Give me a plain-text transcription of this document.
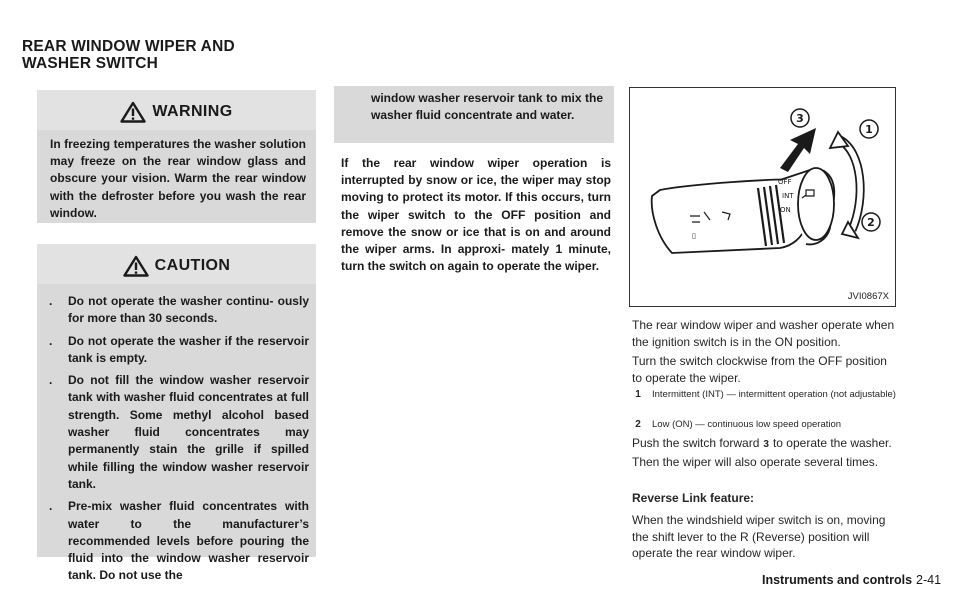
REAR WINDOW WIPER AND
WASHER SWITCH
WARNING
In freezing temperatures the washer solution may freeze on the rear window glass and obscure your vision. Warm the rear window with the defroster before you wash the rear window.
CAUTION
. Do not operate the washer continu- ously for more than 30 seconds.
. Do not operate the washer if the reservoir tank is empty.
. Do not fill the window washer reservoir tank with washer fluid concentrates at full strength. Some methyl alcohol based washer fluid concentrates may permanently stain the grille if spilled while filling the window washer reservoir tank.
. Pre-mix washer fluid concentrates with water to the manufacturer’s recommended levels before pouring the fluid into the window washer reservoir tank. Do not use the
window washer reservoir tank to mix the washer fluid concentrate and water.

If the rear window wiper operation is interrupted by snow or ice, the wiper may stop moving to protect its motor. If this occurs, turn the wiper switch to the OFF position and remove the snow or ice that is on and around the wiper arms. In approxi- mately 1 minute, turn the switch on again to operate the wiper.

OFF
INT
ON
▯
1
2
3
JVI0867X

The rear window wiper and washer operate when the ignition switch is in the ON position.

Turn the switch clockwise from the OFF position to operate the wiper.

1	Intermittent (INT) — intermittent operation (not adjustable)
2	Low (ON) — continuous low speed operation

Push the switch forward 3 to operate the washer. Then the wiper will also operate several times.

Reverse Link feature:

When the windshield wiper switch is on, moving the shift lever to the R (Reverse) position will operate the rear window wiper.

Instruments and controls 2-41
